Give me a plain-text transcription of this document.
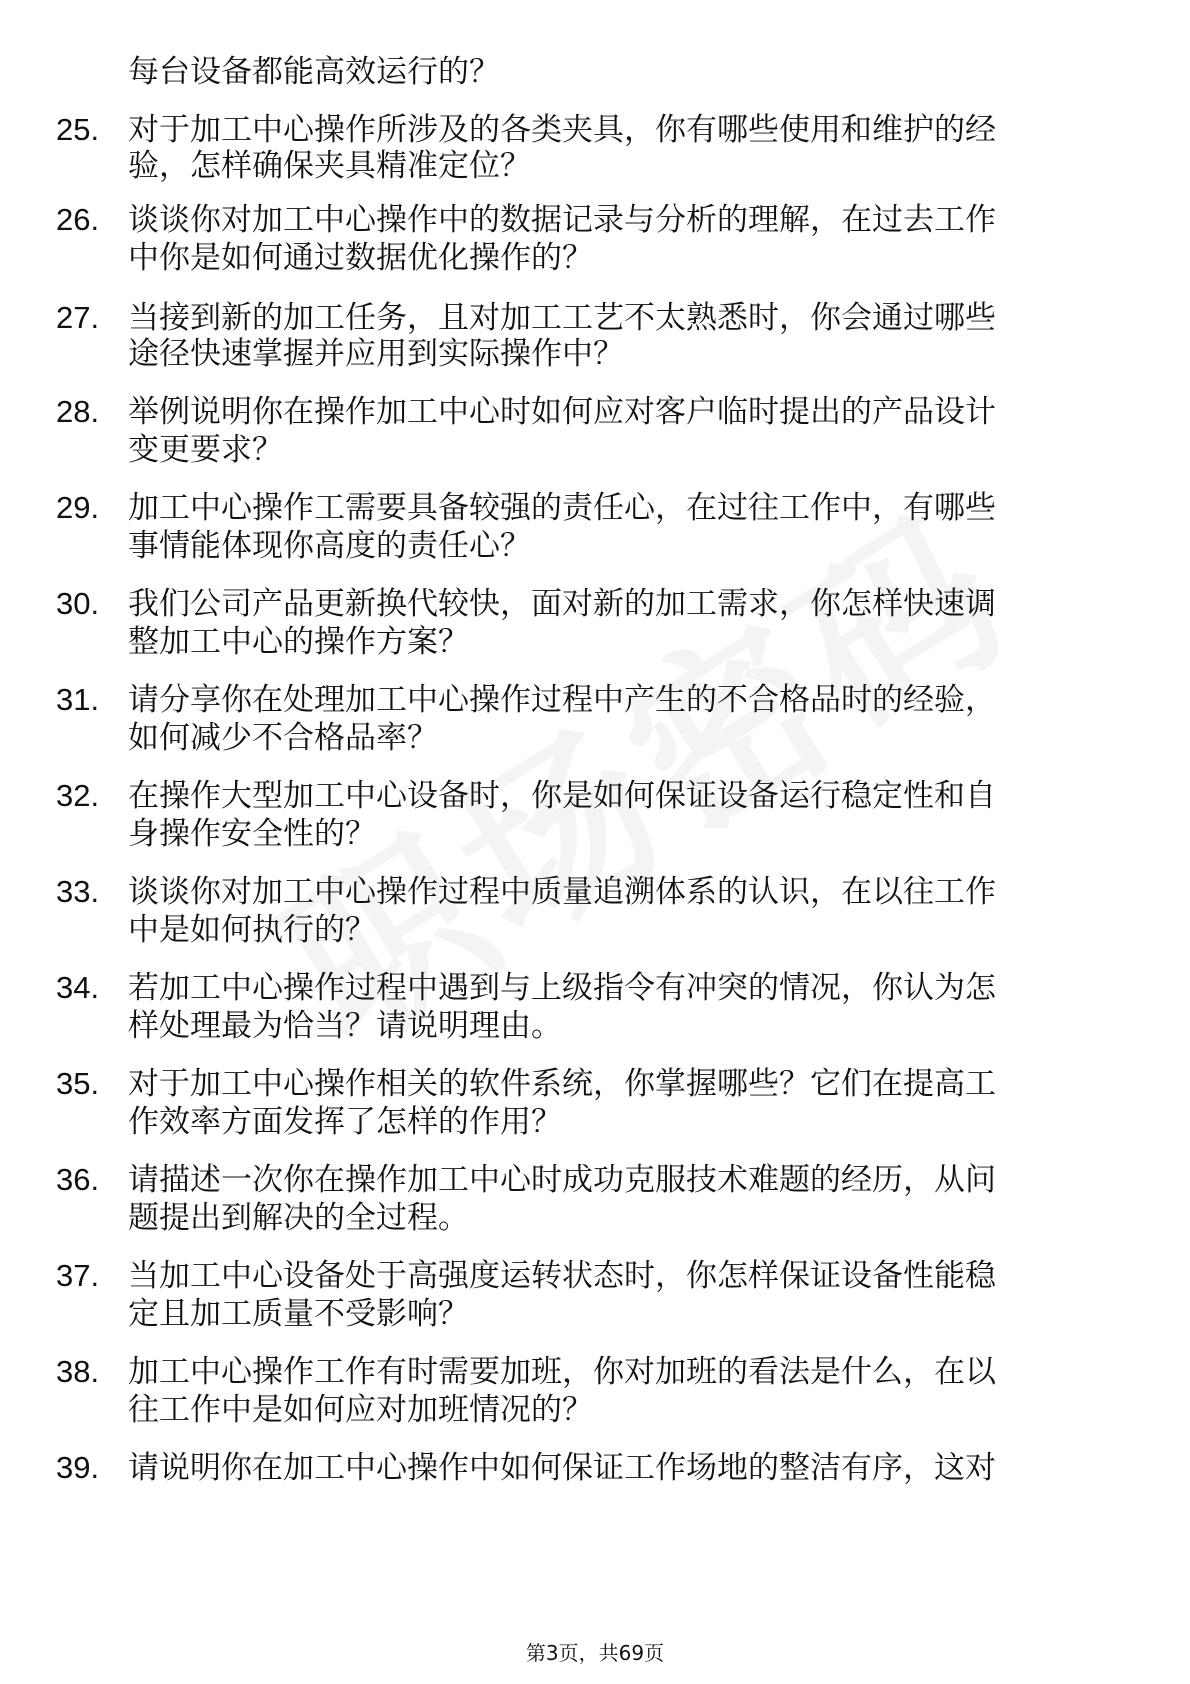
每台设备都能高效运行的？
25. 对于加工中心操作所涉及的各类夹具，你有哪些使用和维护的经
验，怎样确保夹具精准定位？
26. 谈谈你对加工中心操作中的数据记录与分析的理解，在过去工作
中你是如何通过数据优化操作的？
27. 当接到新的加工任务，且对加工工艺不太熟悉时，你会通过哪些
途径快速掌握并应用到实际操作中？
28. 举例说明你在操作加工中心时如何应对客户临时提出的产品设计
变更要求？
29. 加工中心操作工需要具备较强的责任心，在过往工作中，有哪些
事情能体现你高度的责任心？
30. 我们公司产品更新换代较快，面对新的加工需求，你怎样快速调
整加工中心的操作方案？
31. 请分享你在处理加工中心操作过程中产生的不合格品时的经验，
如何减少不合格品率？
32. 在操作大型加工中心设备时，你是如何保证设备运行稳定性和自
身操作安全性的？
33. 谈谈你对加工中心操作过程中质量追溯体系的认识，在以往工作
中是如何执行的？
34. 若加工中心操作过程中遇到与上级指令有冲突的情况，你认为怎
样处理最为恰当？请说明理由。
35. 对于加工中心操作相关的软件系统，你掌握哪些？它们在提高工
作效率方面发挥了怎样的作用？
36. 请描述一次你在操作加工中心时成功克服技术难题的经历，从问
题提出到解决的全过程。
37. 当加工中心设备处于高强度运转状态时，你怎样保证设备性能稳
定且加工质量不受影响？
38. 加工中心操作工作有时需要加班，你对加班的看法是什么，在以
往工作中是如何应对加班情况的？
39. 请说明你在加工中心操作中如何保证工作场地的整洁有序，这对
第3页，共69页
